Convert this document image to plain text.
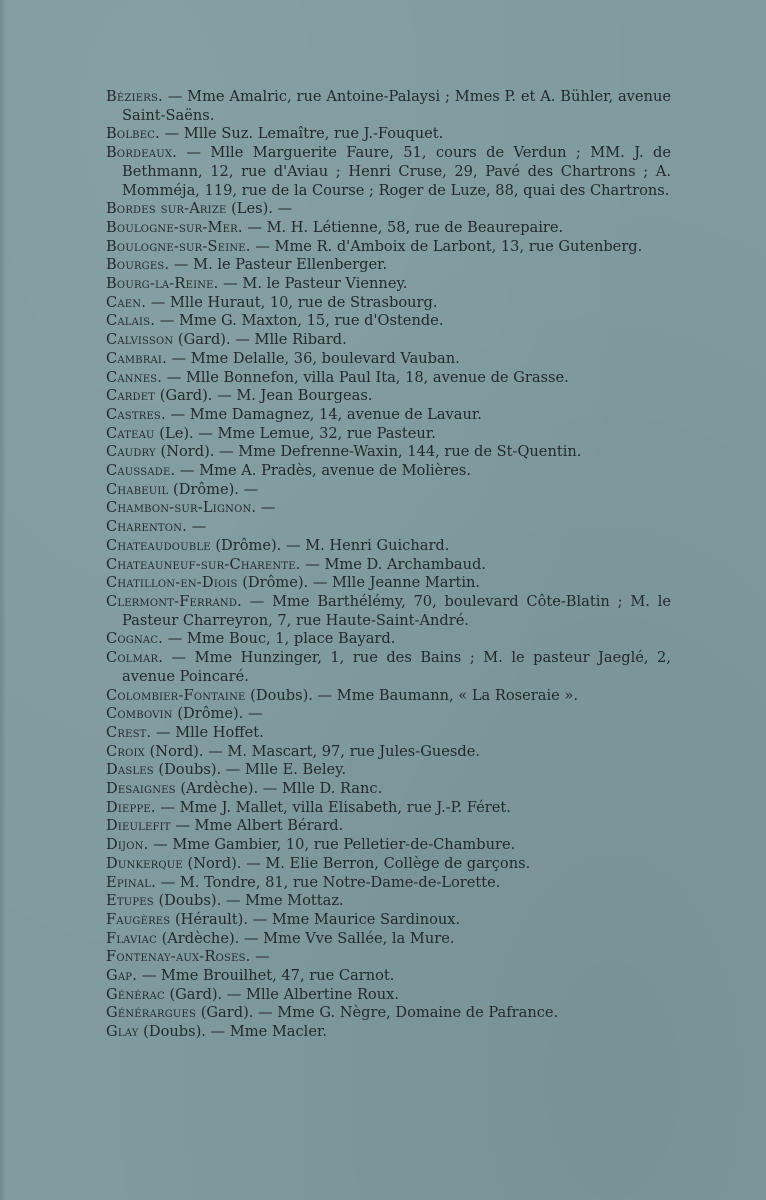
Béziers. — Mme Amalric, rue Antoine-Palaysi ; Mmes P. et A. Bühler, avenue Saint-Saëns.

Bolbec. — Mlle Suz. Lemaître, rue J.-Fouquet.

Bordeaux. — Mlle Marguerite Faure, 51, cours de Verdun ; MM. J. de Bethmann, 12, rue d'Aviau ; Henri Cruse, 29, Pavé des Chartrons ; A. Momméja, 119, rue de la Course ; Roger de Luze, 88, quai des Chartrons.

Bordes sur-Arize (Les). —

Boulogne-sur-Mer. — M. H. Létienne, 58, rue de Beaurepaire.

Boulogne-sur-Seine. — Mme R. d'Amboix de Larbont, 13, rue Gutenberg.

Bourges. — M. le Pasteur Ellenberger.

Bourg-la-Reine. — M. le Pasteur Vienney.

Caen. — Mlle Huraut, 10, rue de Strasbourg.

Calais. — Mme G. Maxton, 15, rue d'Ostende.

Calvisson (Gard). — Mlle Ribard.

Cambrai. — Mme Delalle, 36, boulevard Vauban.

Cannes. — Mlle Bonnefon, villa Paul Ita, 18, avenue de Grasse.

Cardet (Gard). — M. Jean Bourgeas.

Castres. — Mme Damagnez, 14, avenue de Lavaur.

Cateau (Le). — Mme Lemue, 32, rue Pasteur.

Caudry (Nord). — Mme Defrenne-Waxin, 144, rue de St-Quentin.

Caussade. — Mme A. Pradès, avenue de Molières.

Chabeuil (Drôme). —

Chambon-sur-Lignon. —

Charenton. —

Chateaudouble (Drôme). — M. Henri Guichard.

Chateauneuf-sur-Charente. — Mme D. Archambaud.

Chatillon-en-Diois (Drôme). — Mlle Jeanne Martin.

Clermont-Ferrand. — Mme Barthélémy, 70, boulevard Côte-Blatin ; M. le Pasteur Charreyron, 7, rue Haute-Saint-André.

Cognac. — Mme Bouc, 1, place Bayard.

Colmar. — Mme Hunzinger, 1, rue des Bains ; M. le pasteur Jaeglé, 2, avenue Poincaré.

Colombier-Fontaine (Doubs). — Mme Baumann, « La Roseraie ».

Combovin (Drôme). —

Crest. — Mlle Hoffet.

Croix (Nord). — M. Mascart, 97, rue Jules-Guesde.

Dasles (Doubs). — Mlle E. Beley.

Desaignes (Ardèche). — Mlle D. Ranc.

Dieppe. — Mme J. Mallet, villa Elisabeth, rue J.-P. Féret.

Dieulefit — Mme Albert Bérard.

Dijon. — Mme Gambier, 10, rue Pelletier-de-Chambure.

Dunkerque (Nord). — M. Elie Berron, Collège de garçons.

Epinal. — M. Tondre, 81, rue Notre-Dame-de-Lorette.

Etupes (Doubs). — Mme Mottaz.

Faugères (Hérault). — Mme Maurice Sardinoux.

Flaviac (Ardèche). — Mme Vve Sallée, la Mure.

Fontenay-aux-Roses. —

Gap. — Mme Brouilhet, 47, rue Carnot.

Générac (Gard). — Mlle Albertine Roux.

Générargues (Gard). — Mme G. Nègre, Domaine de Pafrance.

Glay (Doubs). — Mme Macler.
